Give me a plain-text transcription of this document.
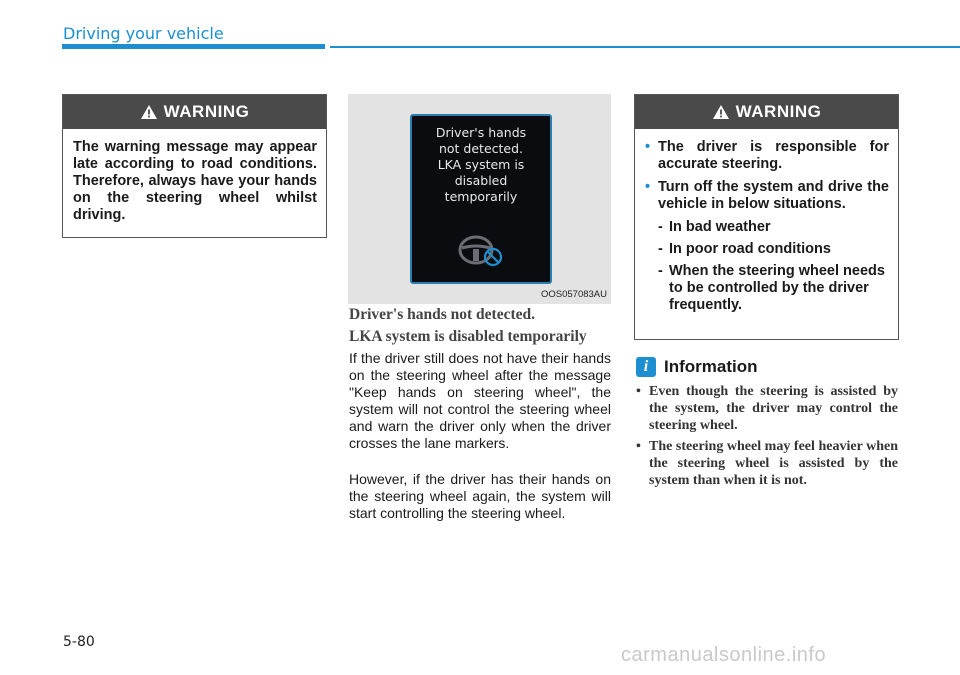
Driving your vehicle
WARNING
The warning message may appear late according to road conditions. Therefore, always have your hands on the steering wheel whilst driving.
Driver's hands
not detected.
LKA system is
disabled
temporarily
OOS057083AU
Driver's hands not detected.
LKA system is disabled temporarily
If the driver still does not have their hands on the steering wheel after the message "Keep hands on steering wheel", the system will not control the steering wheel and warn the driver only when the driver crosses the lane markers.
However, if the driver has their hands on the steering wheel again, the system will start controlling the steering wheel.
WARNING
• The driver is responsible for accurate steering.
• Turn off the system and drive the vehicle in below situations.
- In bad weather
- In poor road conditions
- When the steering wheel needs to be controlled by the driver frequently.
i Information
• Even though the steering is assisted by the system, the driver may control the steering wheel.
• The steering wheel may feel heavier when the steering wheel is assisted by the system than when it is not.
5-80
carmanualsonline.info
